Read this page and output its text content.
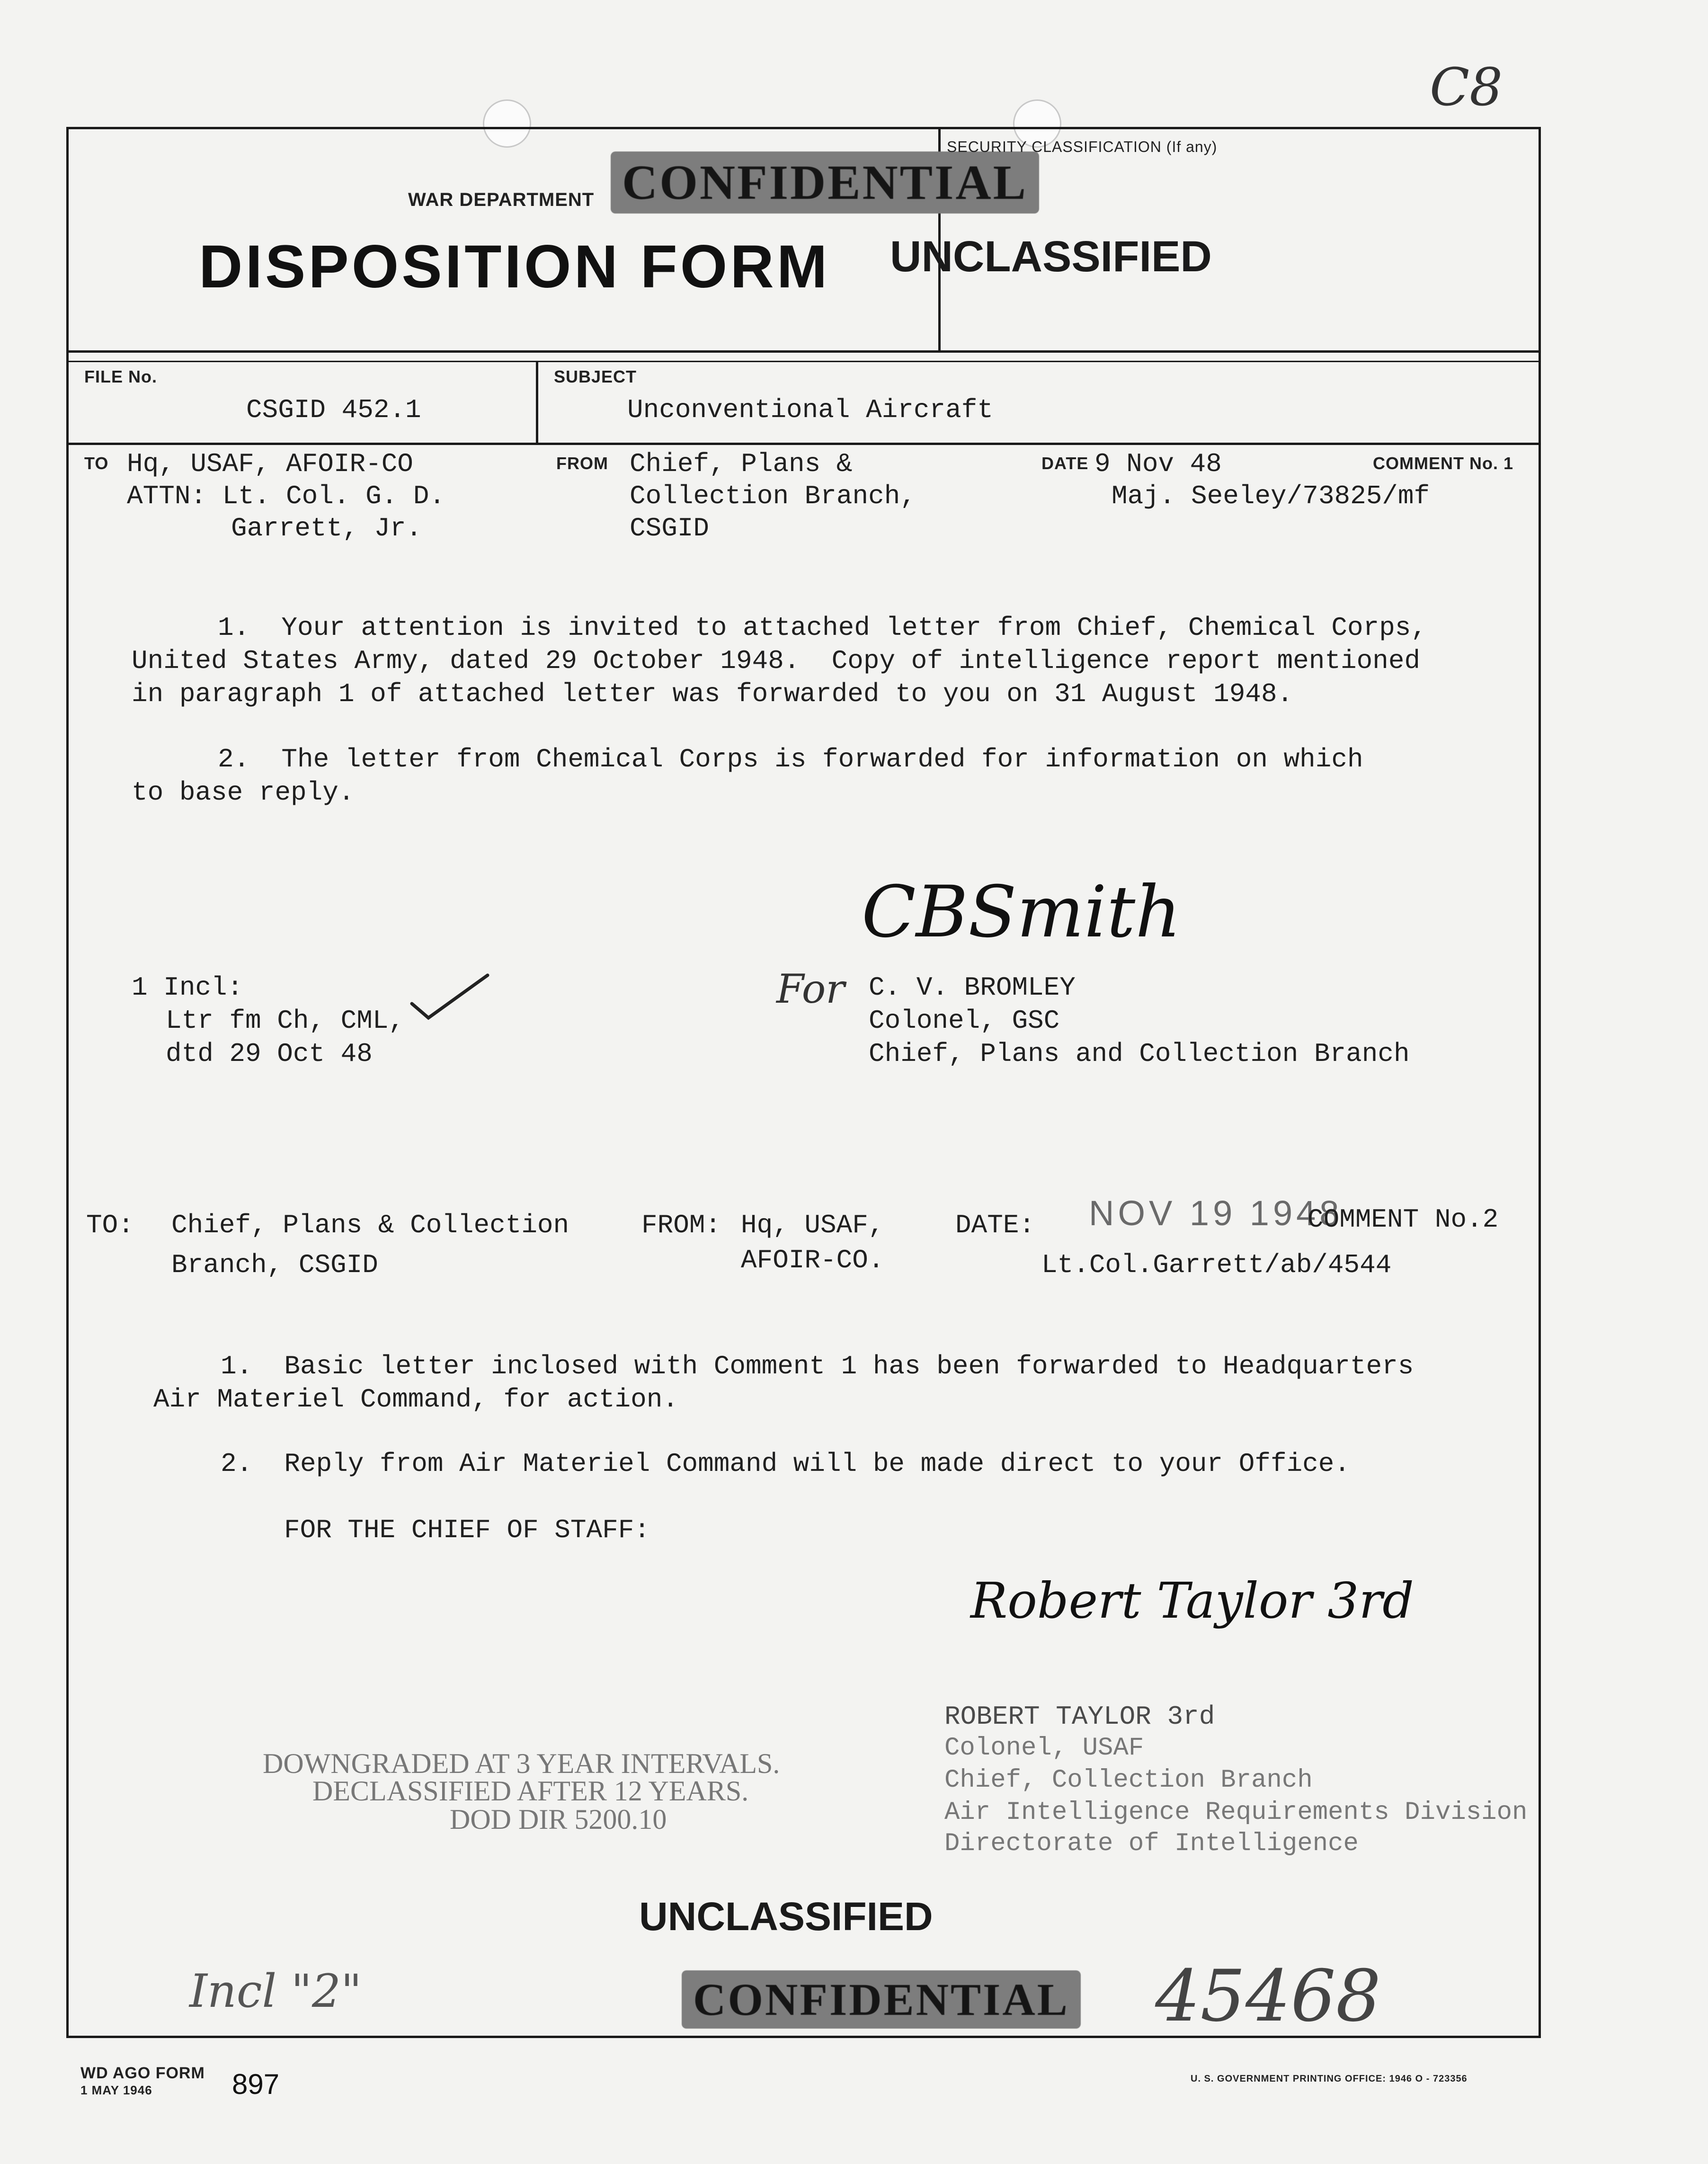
C8
WAR DEPARTMENT
DISPOSITION FORM
CONFIDENTIAL
SECURITY CLASSIFICATION (If any)
UNCLASSIFIED
FILE No.
CSGID 452.1
SUBJECT
Unconventional Aircraft
TO Hq, USAF, AFOIR-CO
ATTN: Lt. Col. G. D.
Garrett, Jr.
FROM Chief, Plans &
Collection Branch,
CSGID
DATE 9 Nov 48	COMMENT No. 1
Maj. Seeley/73825/mf
1.  Your attention is invited to attached letter from Chief, Chemical Corps,
United States Army, dated 29 October 1948.  Copy of intelligence report mentioned
in paragraph 1 of attached letter was forwarded to you on 31 August 1948.
2.  The letter from Chemical Corps is forwarded for information on which
to base reply.
CBSmith
For C. V. BROMLEY
Colonel, GSC
Chief, Plans and Collection Branch
1 Incl:
Ltr fm Ch, CML,
dtd 29 Oct 48
TO: Chief, Plans & Collection
Branch, CSGID
FROM: Hq, USAF,
AFOIR-CO.
DATE: NOV 19 1948
COMMENT No.2
Lt.Col.Garrett/ab/4544
1.  Basic letter inclosed with Comment 1 has been forwarded to Headquarters
Air Materiel Command, for action.
2.  Reply from Air Materiel Command will be made direct to your Office.
FOR THE CHIEF OF STAFF:
Robert Taylor 3rd
ROBERT TAYLOR 3rd
Colonel, USAF
Chief, Collection Branch
Air Intelligence Requirements Division
Directorate of Intelligence
DOWNGRADED AT 3 YEAR INTERVALS.
DECLASSIFIED AFTER 12 YEARS.
DOD DIR 5200.10
UNCLASSIFIED
CONFIDENTIAL
Incl "2"	45468
WD AGO FORM
1 MAY 1946	897	U. S. GOVERNMENT PRINTING OFFICE: 1946 O - 723356
